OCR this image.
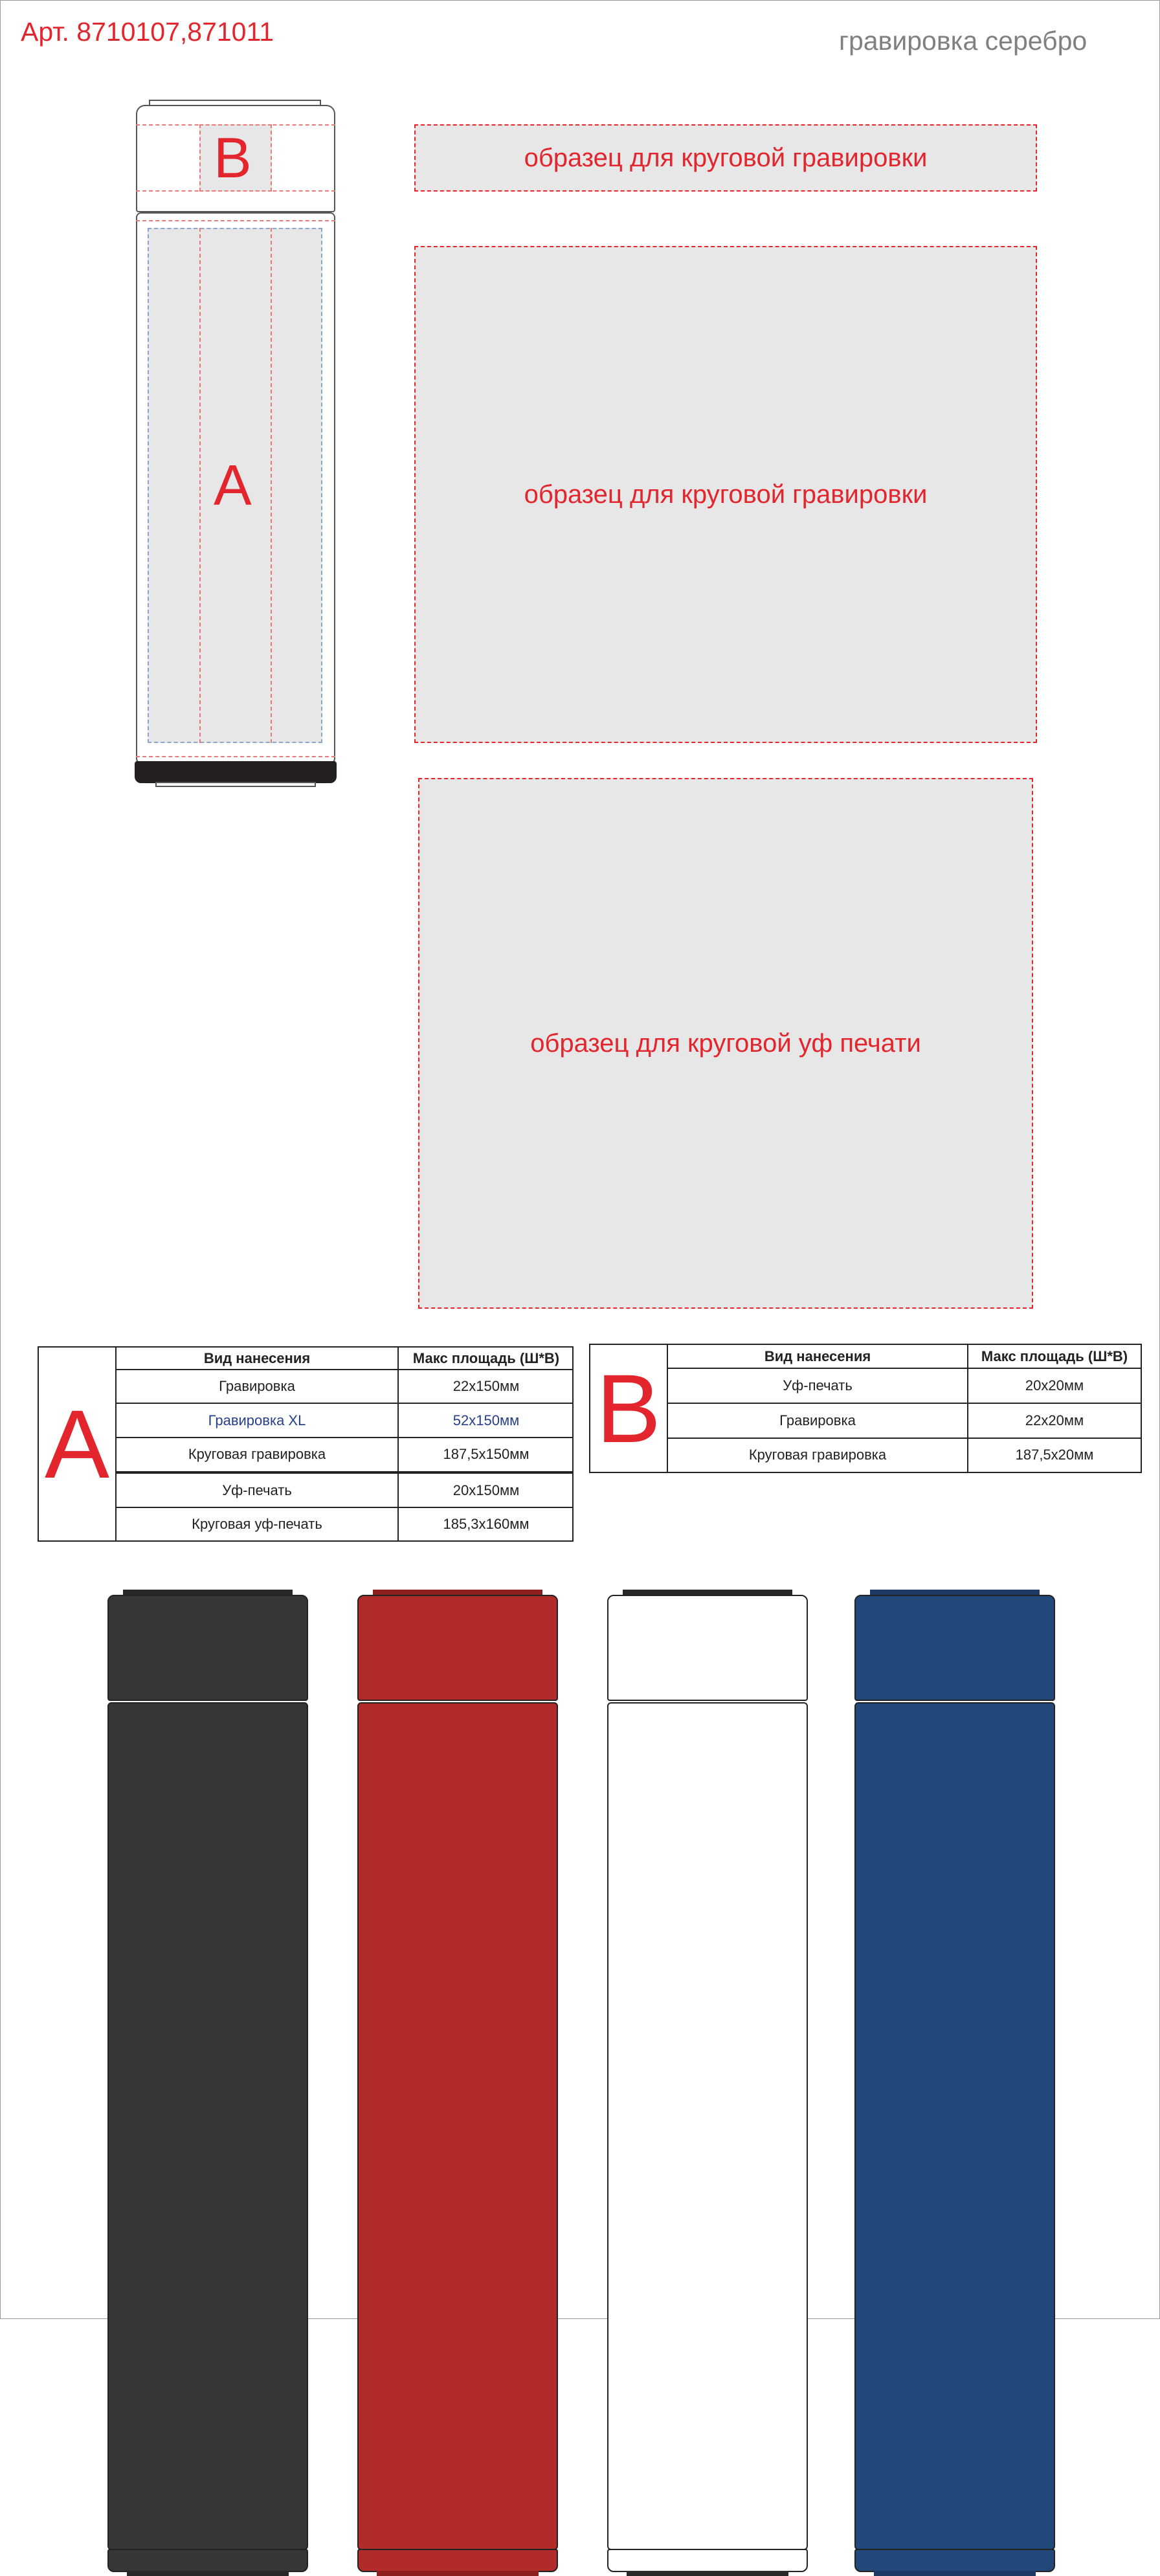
Арт. 8710107,871011	гравировка серебро
B
A
образец для круговой гравировки
образец для круговой гравировки
образец для круговой уф печати
A
Вид нанесения	Макс площадь (Ш*В)
Гравировка	22x150мм
Гравировка XL	52x150мм
Круговая гравировка	187,5x150мм
Уф-печать	20x150мм
Круговая уф-печать	185,3x160мм
B	Вид нанесения	Макс площадь (Ш*В)
Уф-печать	20x20мм
Гравировка	22x20мм
Круговая гравировка	187,5x20мм
